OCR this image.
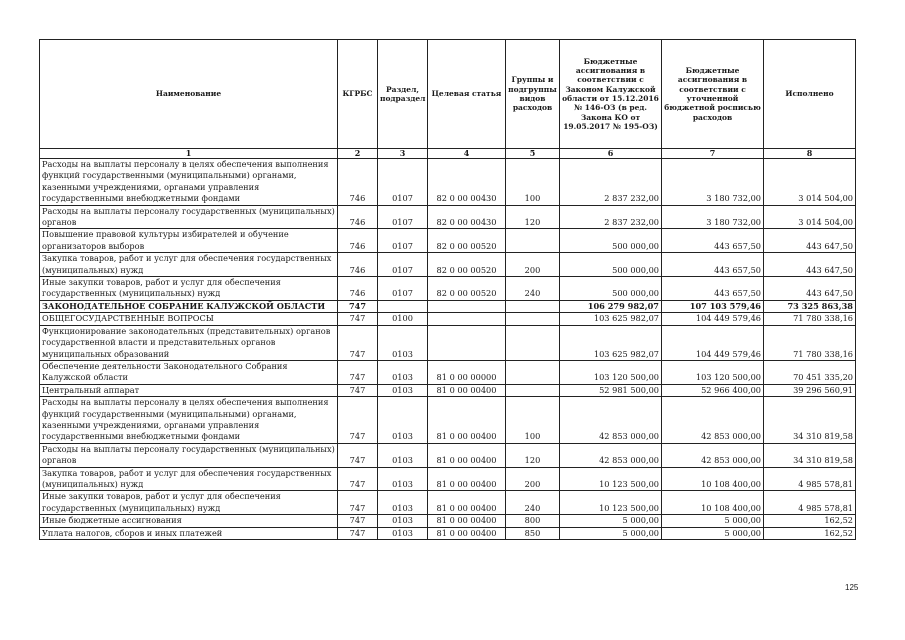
Наименование	КГРБС	Раздел, подраздел	Целевая статья	Группы и подгруппы видов расходов	Бюджетные ассигнования в соответствии с Законом Калужской области от 15.12.2016 № 146-ОЗ (в ред. Закона КО от 19.05.2017 № 195-ОЗ)	Бюджетные ассигнования в соответствии с уточненной бюджетной росписью расходов	Исполнено
1	2	3	4	5	6	7	8
Расходы на выплаты персоналу в целях обеспечения выполнения функций государственными (муниципальными) органами, казенными учреждениями, органами управления государственными внебюджетными фондами	746	0107	82 0 00 00430	100	2 837 232,00	3 180 732,00	3 014 504,00
Расходы на выплаты персоналу государственных (муниципальных) органов	746	0107	82 0 00 00430	120	2 837 232,00	3 180 732,00	3 014 504,00
Повышение правовой культуры избирателей и обучение организаторов выборов	746	0107	82 0 00 00520		500 000,00	443 657,50	443 647,50
Закупка товаров, работ и услуг для обеспечения государственных (муниципальных) нужд	746	0107	82 0 00 00520	200	500 000,00	443 657,50	443 647,50
Иные закупки товаров, работ и услуг для обеспечения государственных (муниципальных) нужд	746	0107	82 0 00 00520	240	500 000,00	443 657,50	443 647,50
ЗАКОНОДАТЕЛЬНОЕ СОБРАНИЕ КАЛУЖСКОЙ ОБЛАСТИ	747				106 279 982,07	107 103 579,46	73 325 863,38
ОБЩЕГОСУДАРСТВЕННЫЕ ВОПРОСЫ	747	0100			103 625 982,07	104 449 579,46	71 780 338,16
Функционирование законодательных (представительных) органов государственной власти и представительных органов муниципальных образований	747	0103			103 625 982,07	104 449 579,46	71 780 338,16
Обеспечение деятельности Законодательного Собрания Калужской области	747	0103	81 0 00 00000		103 120 500,00	103 120 500,00	70 451 335,20
Центральный аппарат	747	0103	81 0 00 00400		52 981 500,00	52 966 400,00	39 296 560,91
Расходы на выплаты персоналу в целях обеспечения выполнения функций государственными (муниципальными) органами, казенными учреждениями, органами управления государственными внебюджетными фондами	747	0103	81 0 00 00400	100	42 853 000,00	42 853 000,00	34 310 819,58
Расходы на выплаты персоналу государственных (муниципальных) органов	747	0103	81 0 00 00400	120	42 853 000,00	42 853 000,00	34 310 819,58
Закупка товаров, работ и услуг для обеспечения государственных (муниципальных) нужд	747	0103	81 0 00 00400	200	10 123 500,00	10 108 400,00	4 985 578,81
Иные закупки товаров, работ и услуг для обеспечения государственных (муниципальных) нужд	747	0103	81 0 00 00400	240	10 123 500,00	10 108 400,00	4 985 578,81
Иные бюджетные ассигнования	747	0103	81 0 00 00400	800	5 000,00	5 000,00	162,52
Уплата налогов, сборов и иных платежей	747	0103	81 0 00 00400	850	5 000,00	5 000,00	162,52
125
